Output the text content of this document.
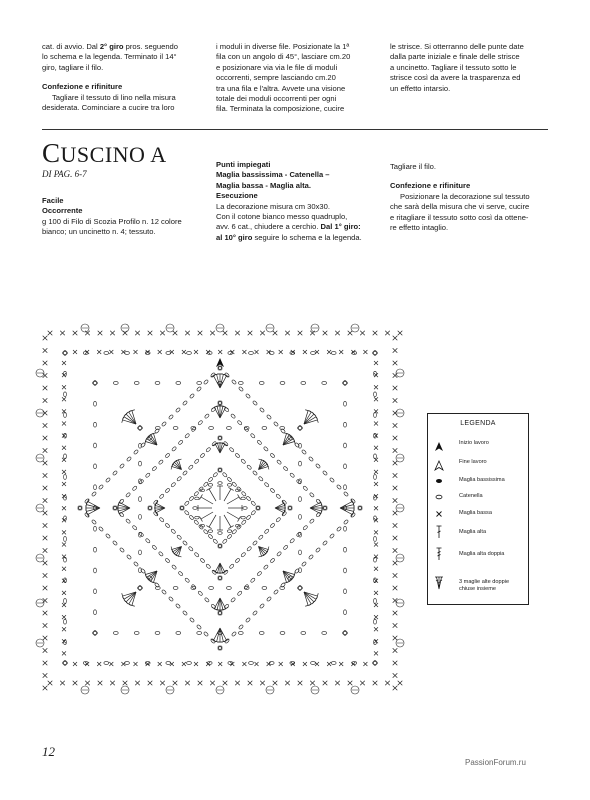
cat. di avvio. Dal 2° giro pros. seguendo

lo schema e la legenda. Terminato il 14°

giro, tagliare il filo.

Confezione e rifiniture

Tagliare il tessuto di lino nella misura

desiderata. Cominciare a cucire tra loro

i moduli in diverse file. Posizionate la 1ª

fila con un angolo di 45°, lasciare cm.20

e posizionare via via le file di moduli

occorrenti, sempre lasciando cm.20

tra una fila e l'altra. Avvete una visione

totale dei moduli occorrenti per ogni

fila. Terminata la composizione, cucire

le strisce. Si otterranno delle punte date

dalla parte iniziale e finale delle strisce

a uncinetto. Tagliare il tessuto sotto le

strisce così da avere la trasparenza ed

un effetto intarsio.

CUSCINO A
DI PAG. 6-7

Facile

Occorrente

g 100 di Filo di Scozia Profilo n. 12 colore

bianco; un uncinetto n. 4; tessuto.

Punti impiegati

Maglia bassissima - Catenella –

Maglia bassa - Maglia alta.

Esecuzione

La decorazione misura cm 30x30.

Con il cotone bianco messo quadruplo,

avv. 6 cat., chiudere a cerchio. Dal 1° giro:

al 10° giro seguire lo schema e la legenda.

Tagliare il filo.

Confezione e rifiniture

Posizionare la decorazione sul tessuto

che sarà della misura che vi serve, cucire

e ritagliare il tessuto sotto così da ottene-

re effetto intaglio.

LEGENDA
Inizio lavoro
Fine lavoro
Maglia bassissima
Catenella
Maglia bassa
Maglia alta
Maglia alta doppia
3 maglie alte doppie
chiuse insieme
12
PassionForum.ru
